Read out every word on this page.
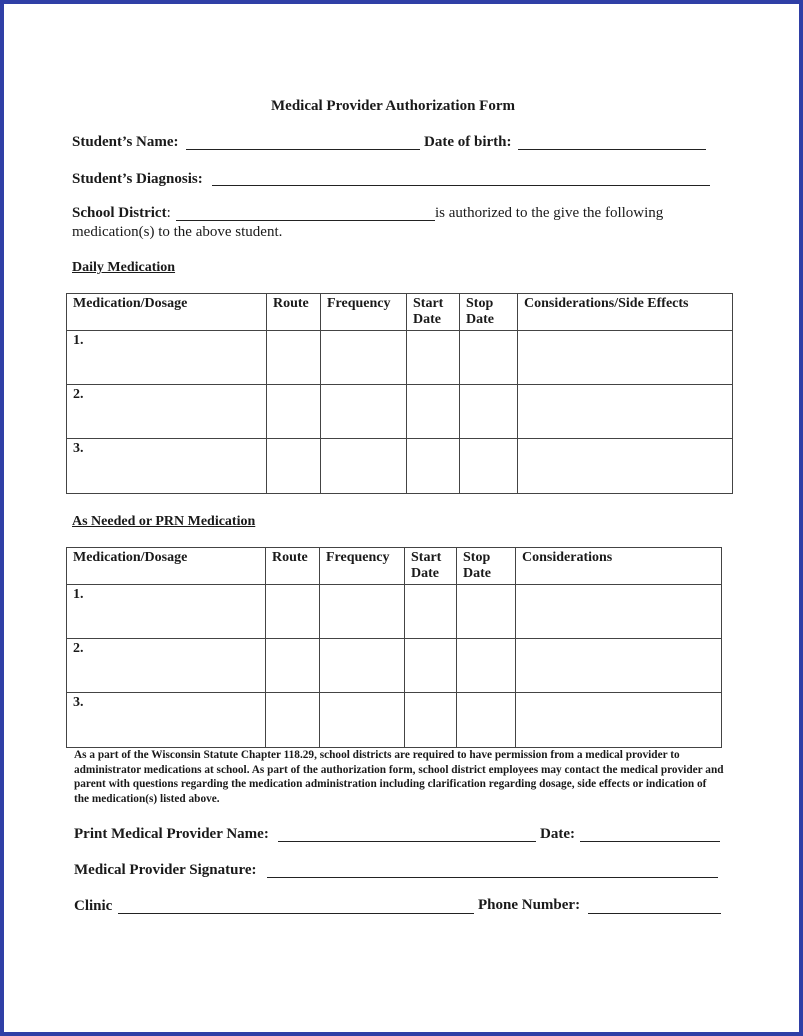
Medical Provider Authorization Form
Student’s Name:	Date of birth:
Student’s Diagnosis:
School District:	is authorized to the give the following
medication(s) to the above student.
Daily Medication
Medication/Dosage	Route	Frequency	Start Date	Stop Date	Considerations/Side Effects
1.					
2.					
3.					
As Needed or PRN Medication
Medication/Dosage	Route	Frequency	Start Date	Stop Date	Considerations
1.					
2.					
3.					
As a part of the Wisconsin Statute Chapter 118.29, school districts are required to have permission from a medical provider to administrator medications at school. As part of the authorization form, school district employees may contact the medical provider and parent with questions regarding the medication administration including clarification regarding dosage, side effects or indication of the medication(s) listed above.
Print Medical Provider Name:	Date:
Medical Provider Signature:
Clinic	Phone Number:
